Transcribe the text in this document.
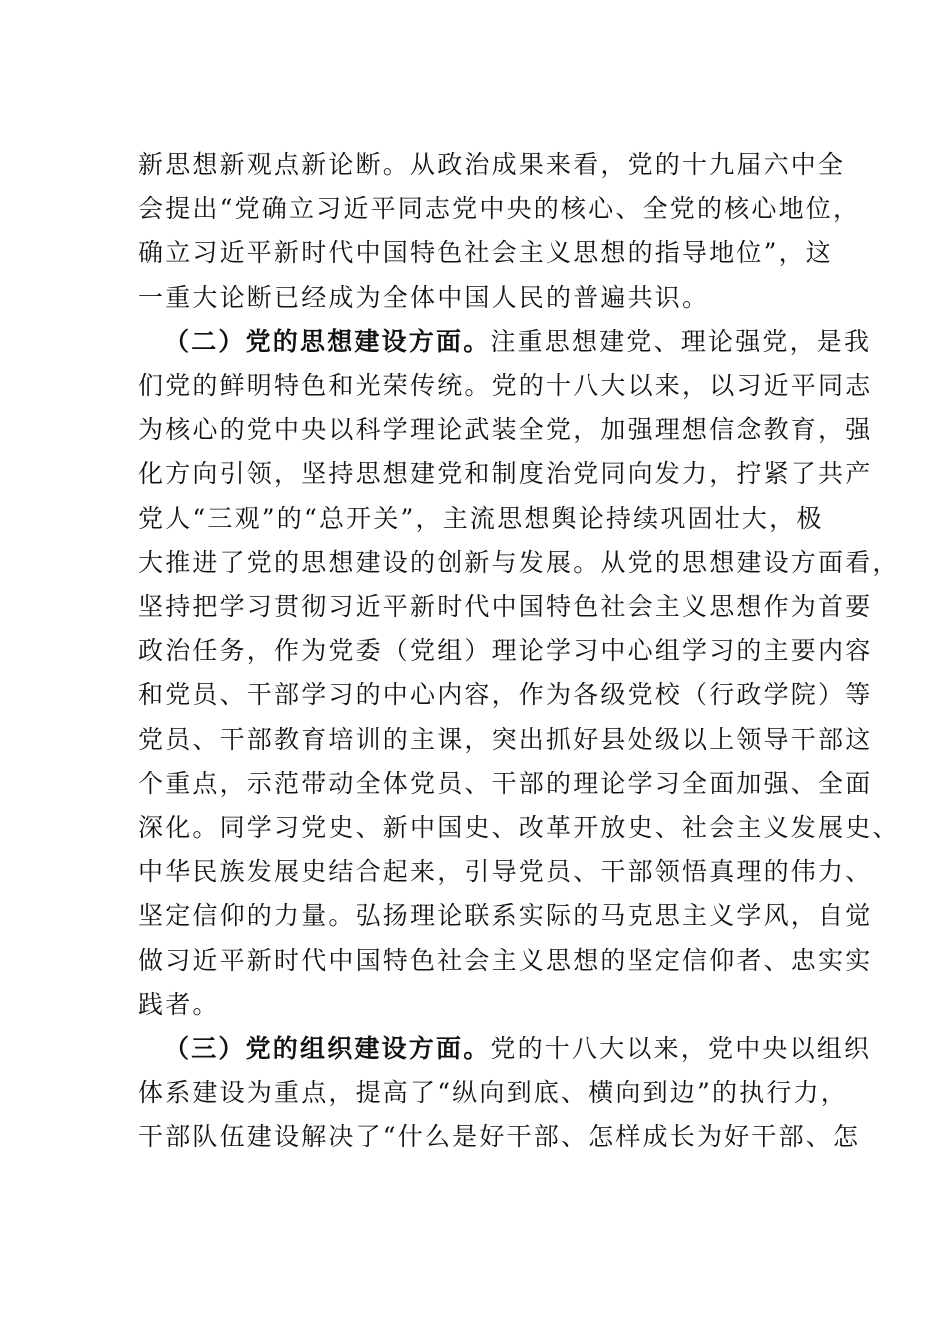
新思想新观点新论断。从政治成果来看，党的十九届六中全
会提出“党确立习近平同志党中央的核心、全党的核心地位，
确立习近平新时代中国特色社会主义思想的指导地位”，这
一重大论断已经成为全体中国人民的普遍共识。

（二）党的思想建设方面。注重思想建党、理论强党，是我
们党的鲜明特色和光荣传统。党的十八大以来，以习近平同志
为核心的党中央以科学理论武装全党，加强理想信念教育，强
化方向引领，坚持思想建党和制度治党同向发力，拧紧了共产
党人“三观”的“总开关”，主流思想舆论持续巩固壮大，极
大推进了党的思想建设的创新与发展。从党的思想建设方面看，
坚持把学习贯彻习近平新时代中国特色社会主义思想作为首要
政治任务，作为党委（党组）理论学习中心组学习的主要内容
和党员、干部学习的中心内容，作为各级党校（行政学院）等
党员、干部教育培训的主课，突出抓好县处级以上领导干部这
个重点，示范带动全体党员、干部的理论学习全面加强、全面
深化。同学习党史、新中国史、改革开放史、社会主义发展史、
中华民族发展史结合起来，引导党员、干部领悟真理的伟力、
坚定信仰的力量。弘扬理论联系实际的马克思主义学风，自觉
做习近平新时代中国特色社会主义思想的坚定信仰者、忠实实
践者。

（三）党的组织建设方面。党的十八大以来，党中央以组织
体系建设为重点，提高了“纵向到底、横向到边”的执行力，
干部队伍建设解决了“什么是好干部、怎样成长为好干部、怎
